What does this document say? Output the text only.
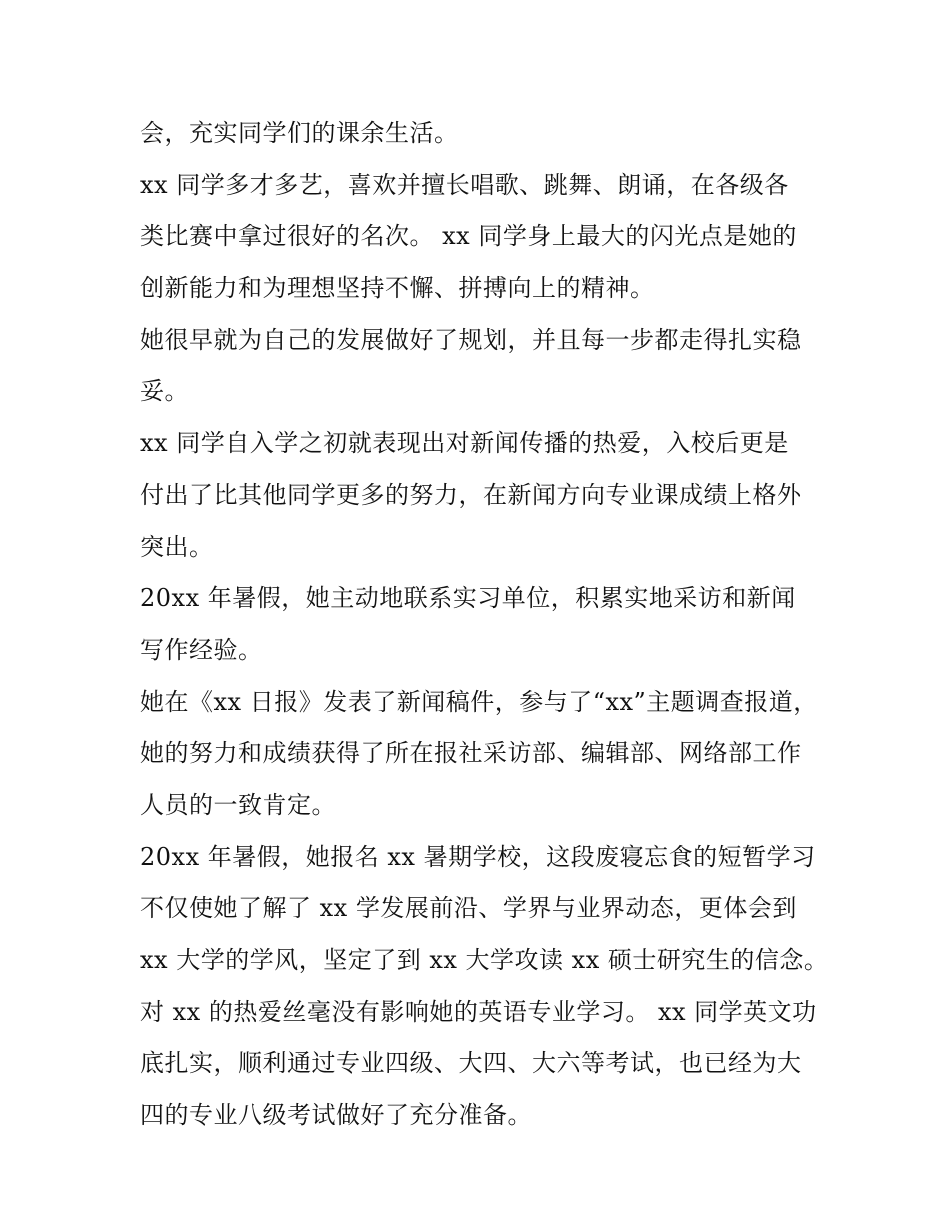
会，充实同学们的课余生活。
xx 同学多才多艺，喜欢并擅长唱歌、跳舞、朗诵，在各级各
类比赛中拿过很好的名次。 xx 同学身上最大的闪光点是她的
创新能力和为理想坚持不懈、拼搏向上的精神。
她很早就为自己的发展做好了规划，并且每一步都走得扎实稳
妥。
xx 同学自入学之初就表现出对新闻传播的热爱，入校后更是
付出了比其他同学更多的努力，在新闻方向专业课成绩上格外
突出。
20xx 年暑假，她主动地联系实习单位，积累实地采访和新闻
写作经验。
她在《xx 日报》发表了新闻稿件，参与了“xx”主题调查报道，
她的努力和成绩获得了所在报社采访部、编辑部、网络部工作
人员的一致肯定。
20xx 年暑假，她报名 xx 暑期学校，这段废寝忘食的短暂学习
不仅使她了解了 xx 学发展前沿、学界与业界动态，更体会到
xx 大学的学风，坚定了到 xx 大学攻读 xx 硕士研究生的信念。
对 xx 的热爱丝毫没有影响她的英语专业学习。 xx 同学英文功
底扎实，顺利通过专业四级、大四、大六等考试，也已经为大
四的专业八级考试做好了充分准备。
